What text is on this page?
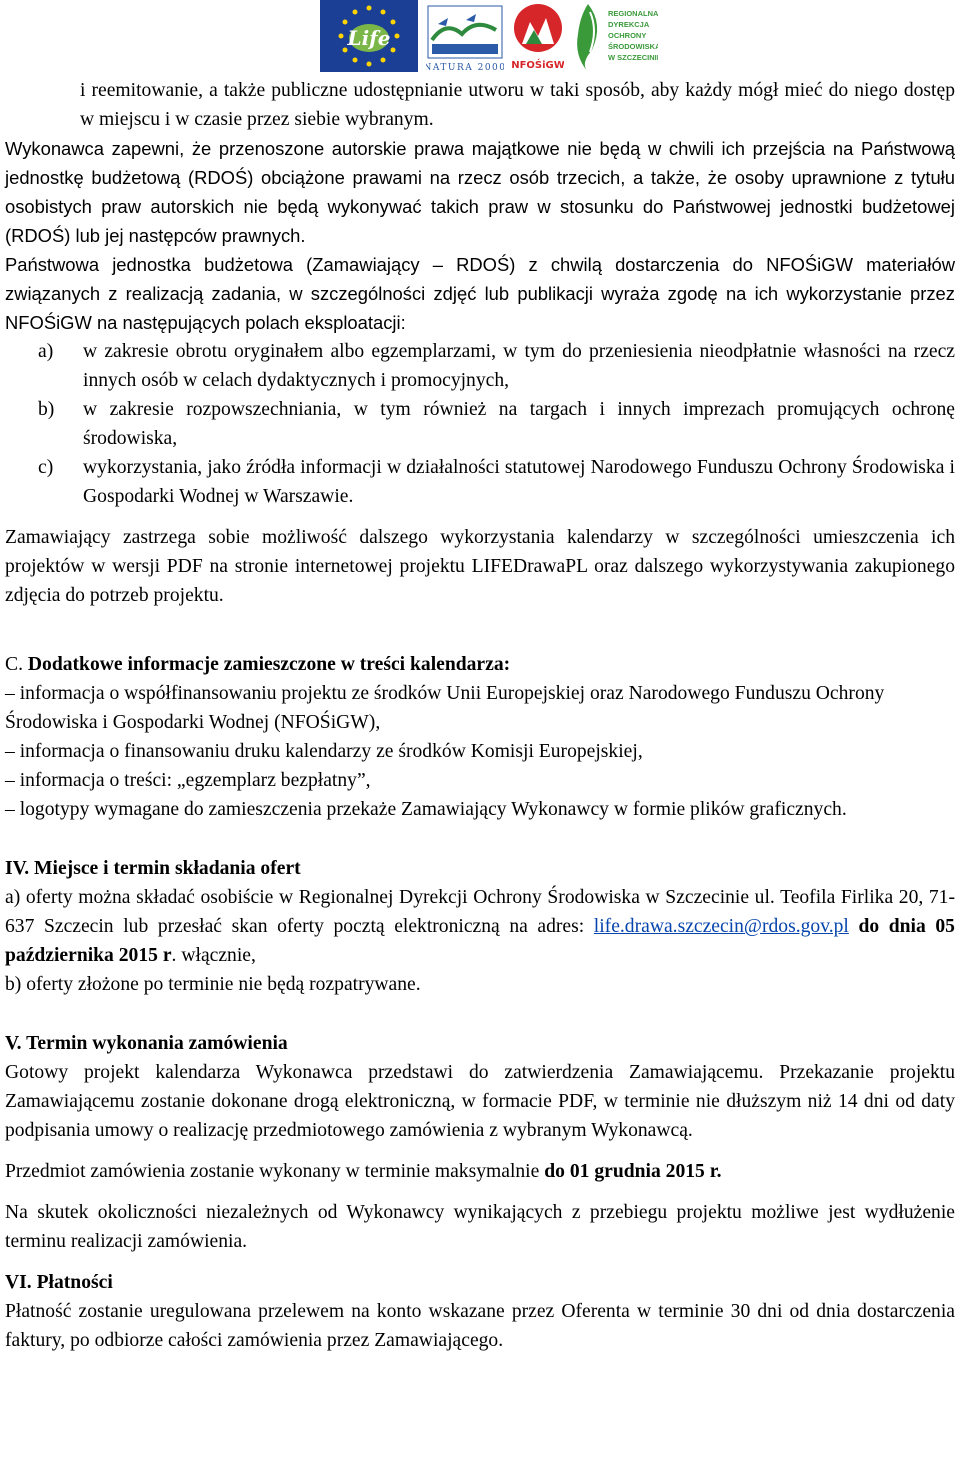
Life
NATURA 2000 NFOŚiGW
REGIONALNA
DYREKCJA
OCHRONY
ŚRODOWISKA
W SZCZECINIE

i reemitowanie, a także publiczne udostępnianie utworu w taki sposób, aby każdy mógł mieć do niego dostęp w miejscu i w czasie przez siebie wybranym.

Wykonawca zapewni, że przenoszone autorskie prawa majątkowe nie będą w chwili ich przejścia na Państwową jednostkę budżetową (RDOŚ) obciążone prawami na rzecz osób trzecich, a także, że osoby uprawnione z tytułu osobistych praw autorskich nie będą wykonywać takich praw w stosunku do Państwowej jednostki budżetowej (RDOŚ) lub jej następców prawnych.

Państwowa jednostka budżetowa (Zamawiający – RDOŚ) z chwilą dostarczenia do NFOŚiGW materiałów związanych z realizacją zadania, w szczególności zdjęć lub publikacji wyraża zgodę na ich wykorzystanie przez NFOŚiGW na następujących polach eksploatacji:

a)	w zakresie obrotu oryginałem albo egzemplarzami, w tym do przeniesienia nieodpłatnie własności na rzecz innych osób w celach dydaktycznych i promocyjnych,
b)	w zakresie rozpowszechniania, w tym również na targach i innych imprezach promujących ochronę środowiska,
c)	wykorzystania, jako źródła informacji w działalności statutowej Narodowego Funduszu Ochrony Środowiska i Gospodarki Wodnej w Warszawie.

Zamawiający zastrzega sobie możliwość dalszego wykorzystania kalendarzy w szczególności umieszczenia ich projektów w wersji PDF na stronie internetowej projektu LIFEDrawaPL oraz dalszego wykorzystywania zakupionego zdjęcia do potrzeb projektu.

C. Dodatkowe informacje zamieszczone w treści kalendarza:

– informacja o współfinansowaniu projektu ze środków Unii Europejskiej oraz Narodowego Funduszu Ochrony Środowiska i Gospodarki Wodnej (NFOŚiGW),

– informacja o finansowaniu druku kalendarzy ze środków Komisji Europejskiej,

– informacja o treści: „egzemplarz bezpłatny”,

– logotypy wymagane do zamieszczenia przekaże Zamawiający Wykonawcy w formie plików graficznych.

IV. Miejsce i termin składania ofert

a) oferty można składać osobiście w Regionalnej Dyrekcji Ochrony Środowiska w Szczecinie ul. Teofila Firlika 20, 71-637 Szczecin lub przesłać skan oferty pocztą elektroniczną na adres: life.drawa.szczecin@rdos.gov.pl do dnia 05 października 2015 r. włącznie,

b) oferty złożone po terminie nie będą rozpatrywane.

V. Termin wykonania zamówienia

Gotowy projekt kalendarza Wykonawca przedstawi do zatwierdzenia Zamawiającemu. Przekazanie projektu Zamawiającemu zostanie dokonane drogą elektroniczną, w formacie PDF, w terminie nie dłuższym niż 14 dni od daty podpisania umowy o realizację przedmiotowego zamówienia z wybranym Wykonawcą.

Przedmiot zamówienia zostanie wykonany w terminie maksymalnie do 01 grudnia 2015 r.

Na skutek okoliczności niezależnych od Wykonawcy wynikających z przebiegu projektu możliwe jest wydłużenie terminu realizacji zamówienia.

VI. Płatności

Płatność zostanie uregulowana przelewem na konto wskazane przez Oferenta w terminie 30 dni od dnia dostarczenia faktury, po odbiorze całości zamówienia przez Zamawiającego.
